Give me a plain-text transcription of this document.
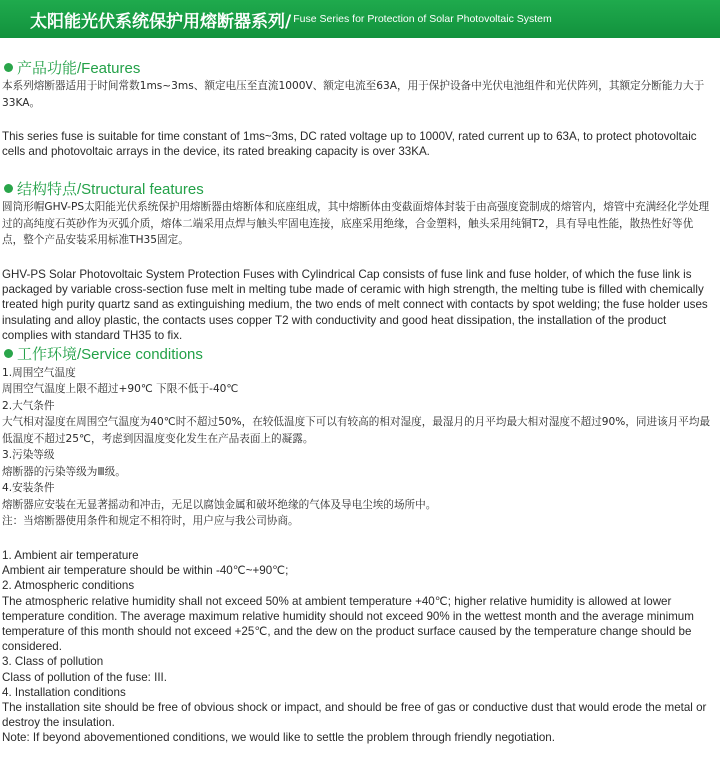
太阳能光伏系统保护用熔断器系列/ Fuse Series for Protection of Solar Photovoltaic System
产品功能/Features

本系列熔断器适用于时间常数1ms~3ms、额定电压至直流1000V、额定电流至63A，用于保护设备中光伏电池组件和光伏阵列，其额定分断能力大于33KA。

This series fuse is suitable for time constant of 1ms~3ms, DC rated voltage up to 1000V, rated current up to 63A, to protect photovoltaic cells and photovoltaic arrays in the device, its rated breaking capacity is over 33KA.

结构特点/Structural features

圆筒形帽GHV-PS太阳能光伏系统保护用熔断器由熔断体和底座组成，其中熔断体由变截面熔体封装于由高强度瓷制成的熔管内，熔管中充满经化学处理过的高纯度石英砂作为灭弧介质，熔体二端采用点焊与触头牢固电连接，底座采用绝缘，合金塑料，触头采用纯铜T2，具有导电性能，散热性好等优点，整个产品安装采用标准TH35固定。

GHV-PS Solar Photovoltaic System Protection Fuses with Cylindrical Cap consists of fuse link and fuse holder, of which the fuse link is packaged by variable cross-section fuse melt in melting tube made of ceramic with high strength, the melting tube is filled with chemically treated high purity quartz sand as extinguishing medium, the two ends of melt connect with contacts by spot welding; the fuse holder uses insulating and alloy plastic, the contacts uses copper T2 with conductivity and good heat dissipation, the installation of the product complies with standard TH35 to fix.

工作环境/Service conditions

1.周围空气温度

周围空气温度上限不超过+90℃ 下限不低于-40℃

2.大气条件

大气相对湿度在周围空气温度为40℃时不超过50%，在较低温度下可以有较高的相对湿度，最湿月的月平均最大相对湿度不超过90%，同进该月平均最低温度不超过25℃，考虑到因温度变化发生在产品表面上的凝露。

3.污染等级

熔断器的污染等级为Ⅲ级。

4.安装条件

熔断器应安装在无显著摇动和冲击，无足以腐蚀金属和破坏绝缘的气体及导电尘埃的场所中。

注：当熔断器使用条件和规定不相符时，用户应与我公司协商。

1. Ambient air temperature

Ambient air temperature should be within -40℃~+90℃;

2. Atmospheric conditions

The atmospheric relative humidity shall not exceed 50% at ambient temperature +40℃; higher relative humidity is allowed at lower temperature condition. The average maximum relative humidity should not exceed 90% in the wettest month and the average minimum temperature of this month should not exceed +25℃, and the dew on the product surface caused by the temperature change should be considered.

3. Class of pollution

Class of pollution of the fuse: III.

4. Installation conditions

The installation site should be free of obvious shock or impact, and should be free of gas or conductive dust that would erode the metal or destroy the insulation.

Note: If beyond abovementioned conditions, we would like to settle the problem through friendly negotiation.
